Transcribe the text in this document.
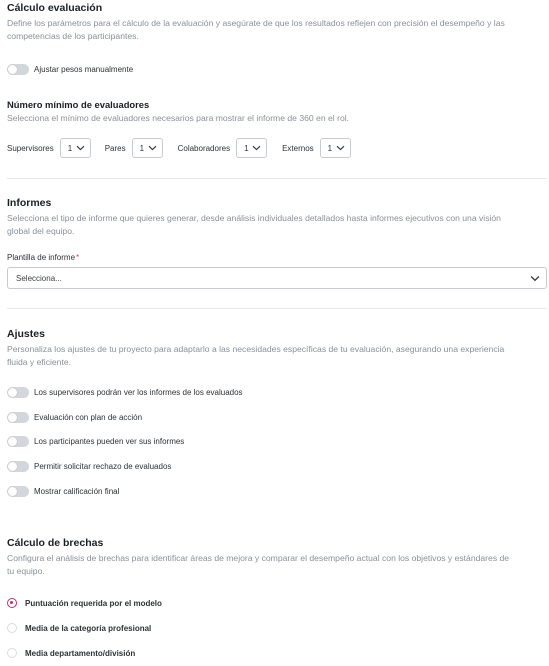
Cálculo evaluación

Define los parámetros para el cálculo de la evaluación y asegúrate de que los resultados reflejen con precisión el desempeño y las

competencias de los participantes.

Ajustar pesos manualmente

Número mínimo de evaluadores

Selecciona el mínimo de evaluadores necesarios para mostrar el informe de 360 en el rol.

Supervisores 1	Pares 1	Colaboradores 1	Externos 1

Informes

Selecciona el tipo de informe que quieres generar, desde análisis individuales detallados hasta informes ejecutivos con una visión

global del equipo.

Plantilla de informe*
Selecciona...

Ajustes

Personaliza los ajustes de tu proyecto para adaptarlo a las necesidades específicas de tu evaluación, asegurando una experiencia

fluida y eficiente.

Los supervisores podrán ver los informes de los evaluados
Evaluación con plan de acción
Los participantes pueden ver sus informes
Permitir solicitar rechazo de evaluados
Mostrar calificación final

Cálculo de brechas

Configura el análisis de brechas para identificar áreas de mejora y comparar el desempeño actual con los objetivos y estándares de

tu equipo.

Puntuación requerida por el modelo
Media de la categoría profesional
Media departamento/división
